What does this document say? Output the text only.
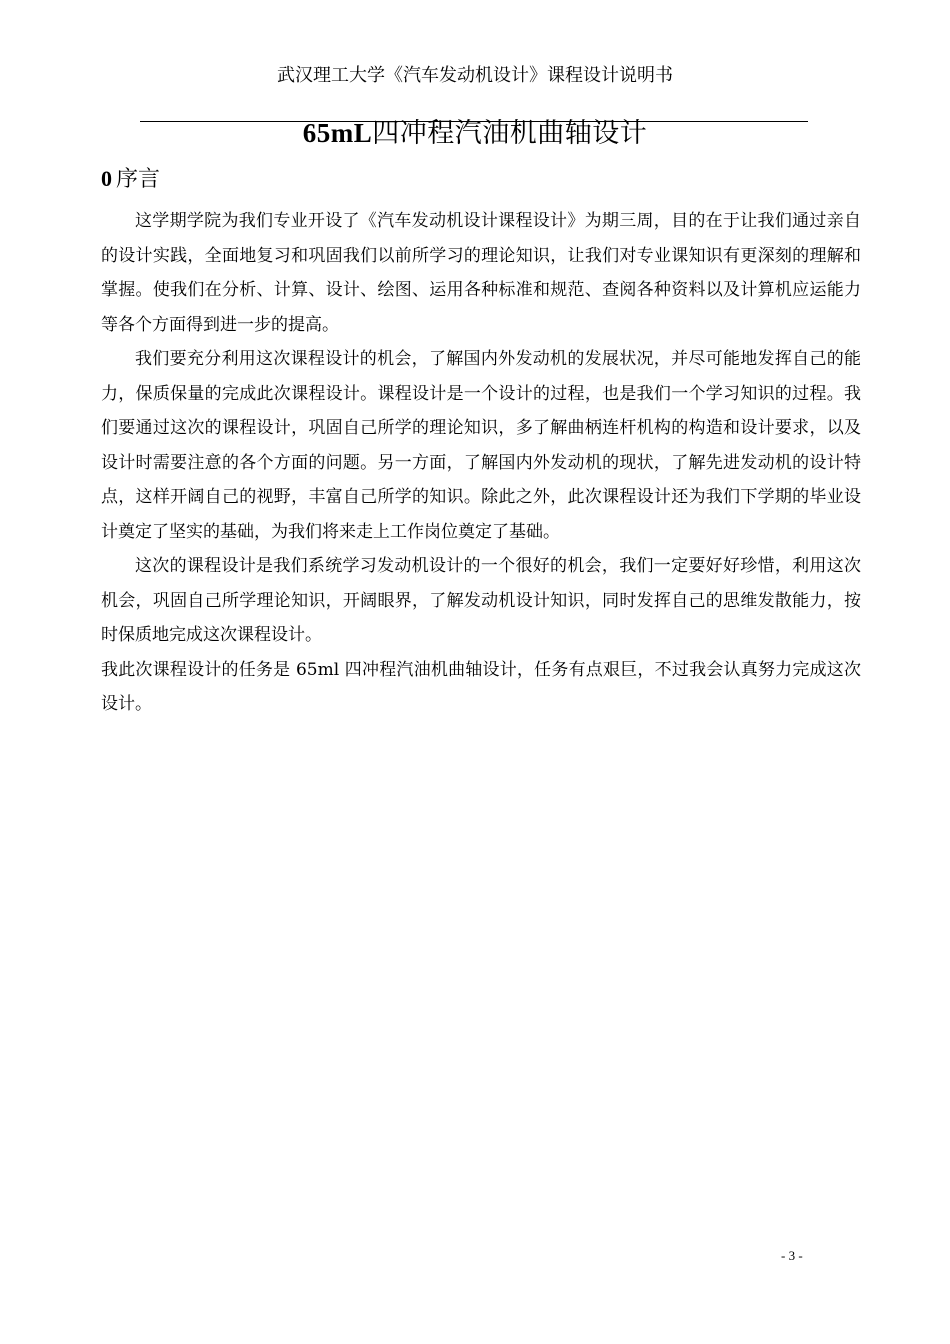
武汉理工大学《汽车发动机设计》课程设计说明书
65mL四冲程汽油机曲轴设计
0 序言

这学期学院为我们专业开设了《汽车发动机设计课程设计》为期三周，目的在于让我们通过亲自的设计实践，全面地复习和巩固我们以前所学习的理论知识，让我们对专业课知识有更深刻的理解和掌握。使我们在分析、计算、设计、绘图、运用各种标准和规范、查阅各种资料以及计算机应运能力等各个方面得到进一步的提高。

我们要充分利用这次课程设计的机会，了解国内外发动机的发展状况，并尽可能地发挥自己的能力，保质保量的完成此次课程设计。课程设计是一个设计的过程，也是我们一个学习知识的过程。我们要通过这次的课程设计，巩固自己所学的理论知识，多了解曲柄连杆机构的构造和设计要求，以及设计时需要注意的各个方面的问题。另一方面，了解国内外发动机的现状，了解先进发动机的设计特点，这样开阔自己的视野，丰富自己所学的知识。除此之外，此次课程设计还为我们下学期的毕业设计奠定了坚实的基础，为我们将来走上工作岗位奠定了基础。

这次的课程设计是我们系统学习发动机设计的一个很好的机会，我们一定要好好珍惜，利用这次机会，巩固自己所学理论知识，开阔眼界，了解发动机设计知识，同时发挥自己的思维发散能力，按时保质地完成这次课程设计。

我此次课程设计的任务是 65ml 四冲程汽油机曲轴设计，任务有点艰巨，不过我会认真努力完成这次设计。

- 3 -
